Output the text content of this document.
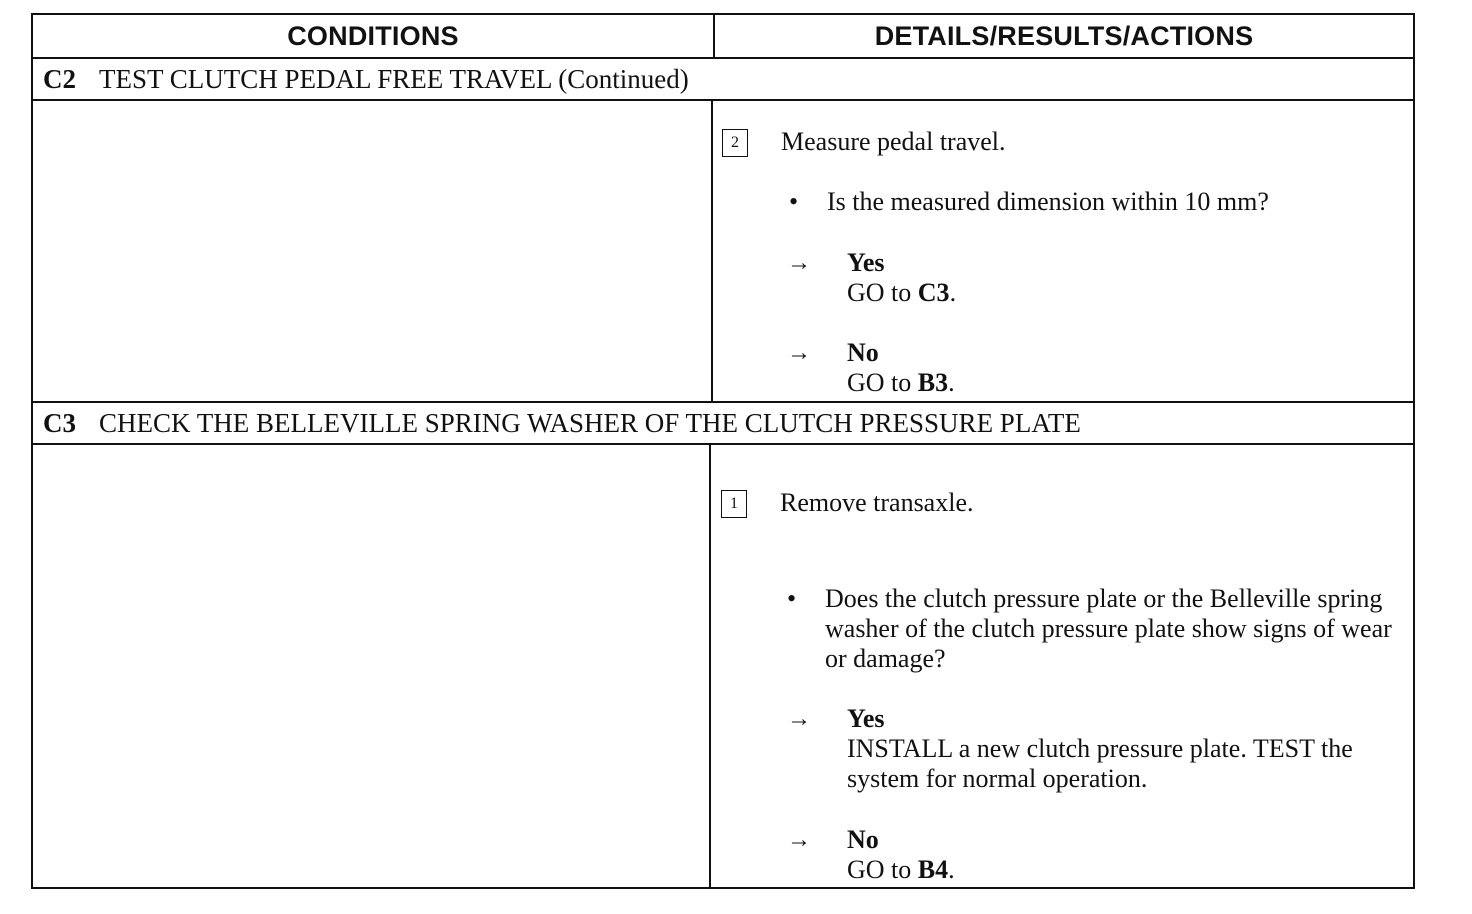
CONDITIONS	DETAILS/RESULTS/ACTIONS
C2 TEST CLUTCH PEDAL FREE TRAVEL (Continued)
2	Measure pedal travel.
•	Is the measured dimension within 10 mm?
→	Yes
GO to C3.
→	No
GO to B3.
C3 CHECK THE BELLEVILLE SPRING WASHER OF THE CLUTCH PRESSURE PLATE
1	Remove transaxle.
•	Does the clutch pressure plate or the Belleville spring washer of the clutch pressure plate show signs of wear or damage?
→	Yes
INSTALL a new clutch pressure plate. TEST the system for normal operation.
→	No
GO to B4.
